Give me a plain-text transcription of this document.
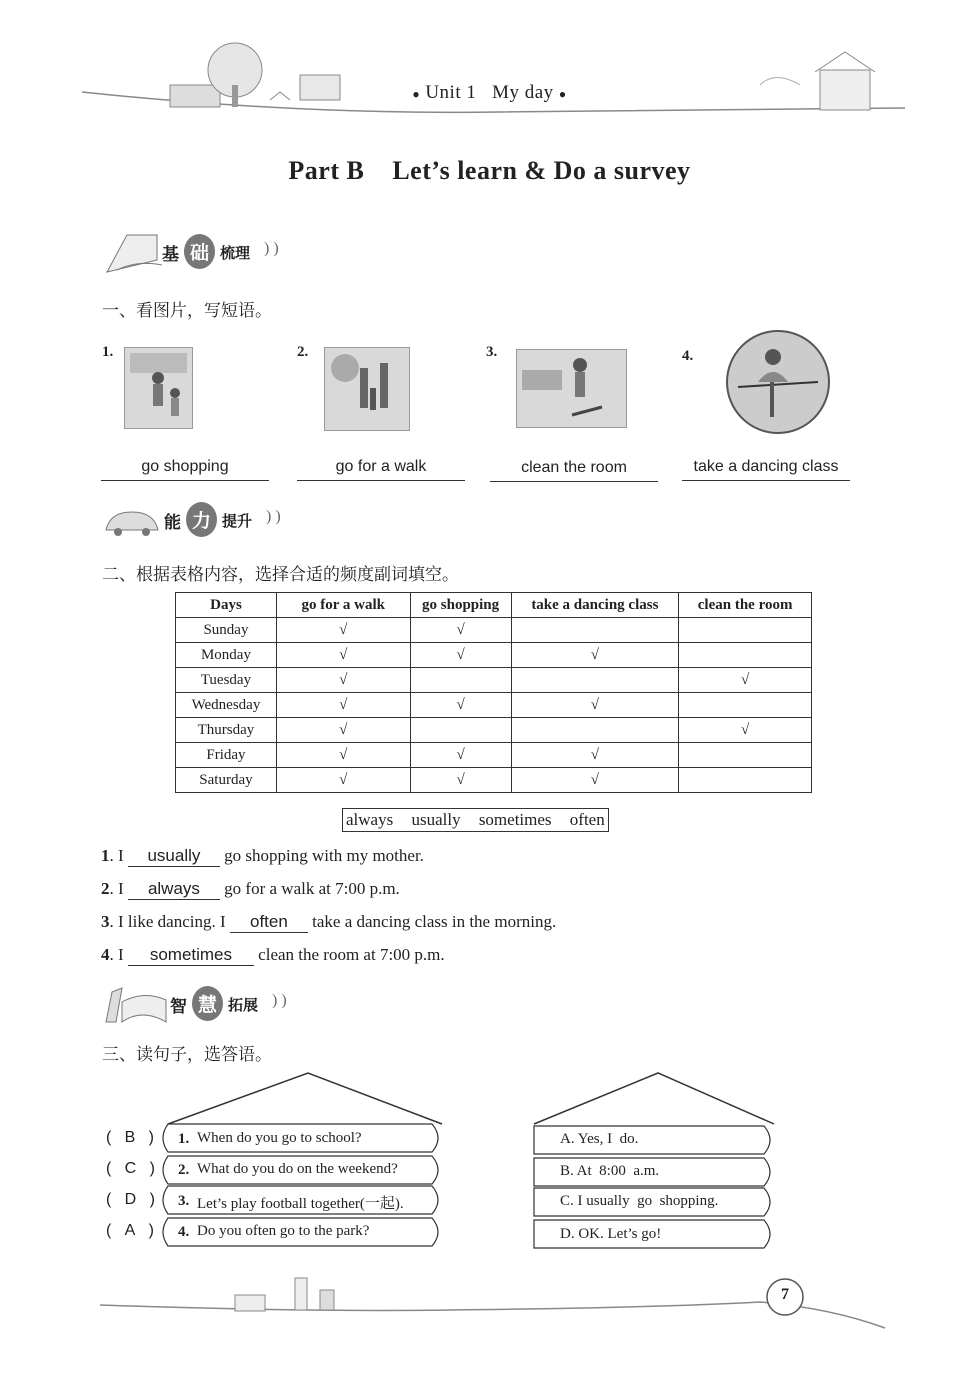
● Unit 1 My day ●
Part B    Let’s learn & Do a survey
基 础 梳理 ) )
一、看图片，写短语。
1.	2.	3.	4.
go shopping	go for a walk	clean the room	take a dancing class
能 力 提升 ) )
二、根据表格内容，选择合适的频度副词填空。
Days	go for a walk	go shopping	take a dancing class	clean the room
Sunday	√	√		
Monday	√	√	√	
Tuesday	√			√
Wednesday	√	√	√	
Thursday	√			√
Friday	√	√	√	
Saturday	√	√	√	
always usually sometimes often
1. I usually go shopping with my mother.
2. I always go for a walk at 7:00 p.m.
3. I like dancing. I often take a dancing class in the morning.
4. I sometimes clean the room at 7:00 p.m.
智 慧 拓展 ) )
三、读句子，选答语。
(   B   ) 1. When do you go to school?
(   C   ) 2. What do you do on the weekend?
(   D   ) 3. Let’s play football together(一起).
(   A   ) 4. Do you often go to the park?
A. Yes, I  do.
B. At  8:00  a.m.
C. I usually  go  shopping.
D. OK. Let’s go!
7
